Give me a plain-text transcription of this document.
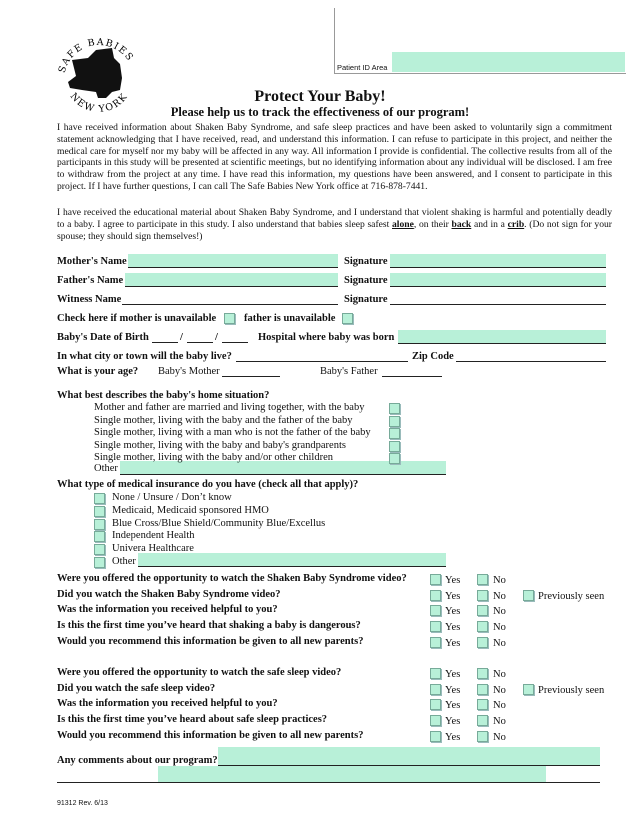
SAFE BABIES
NEW YORK
Patient ID Area
Protect Your Baby!
Please help us to track the effectiveness of our program!
I have received information about Shaken Baby Syndrome, and safe sleep practices and have been asked to voluntarily sign a commitment statement acknowledging that I have received, read, and understand this information. I can refuse to participate in this project, and neither the medical care for myself nor my baby will be affected in any way. All information I provide is confidential. The collective results from all of the participants in this study will be presented at scientific meetings, but no identifying information about any individual will be disclosed. I am free to withdraw from the project at any time. I have read this information, my questions have been answered, and I consent to participate in this project. If I have further questions, I can call The Safe Babies New York office at 716-878-7441.
I have received the educational material about Shaken Baby Syndrome, and I understand that violent shaking is harmful and potentially deadly to a baby. I agree to participate in this study. I also understand that babies sleep safest alone, on their back and in a crib. (Do not sign for your spouse; they should sign themselves!)
Mother's Name	Signature
Father's Name	Signature
Witness Name	Signature
Check here if mother is unavailable	father is unavailable
Baby's Date of Birth	/	/	Hospital where baby was born
In what city or town will the baby live?	Zip Code
What is your age? Baby's Mother	Baby's Father
What best describes the baby's home situation?
Other
What type of medical insurance do you have (check all that apply)?
Any comments about our program?
91312 Rev. 6/13
Mother and father are married and living together, with the baby
Single mother, living with the baby and the father of the baby
Single mother, living with a man who is not the father of the baby
Single mother, living with the baby and baby's grandparents
Single mother, living with the baby and/or other children
None / Unsure / Don’t know
Medicaid, Medicaid sponsored HMO
Blue Cross/Blue Shield/Community Blue/Excellus
Independent Health
Univera Healthcare
Other
Were you offered the opportunity to watch the Shaken Baby Syndrome video?	Yes	No
Did you watch the Shaken Baby Syndrome video?	Yes	No	Previously seen
Was the information you received helpful to you?	Yes	No
Is this the first time you’ve heard that shaking a baby is dangerous?	Yes	No
Would you recommend this information be given to all new parents?	Yes	No
Were you offered the opportunity to watch the safe sleep video?	Yes	No
Did you watch the safe sleep video?	Yes	No	Previously seen
Was the information you received helpful to you?	Yes	No
Is this the first time you’ve heard about safe sleep practices?	Yes	No
Would you recommend this information be given to all new parents?	Yes	No
